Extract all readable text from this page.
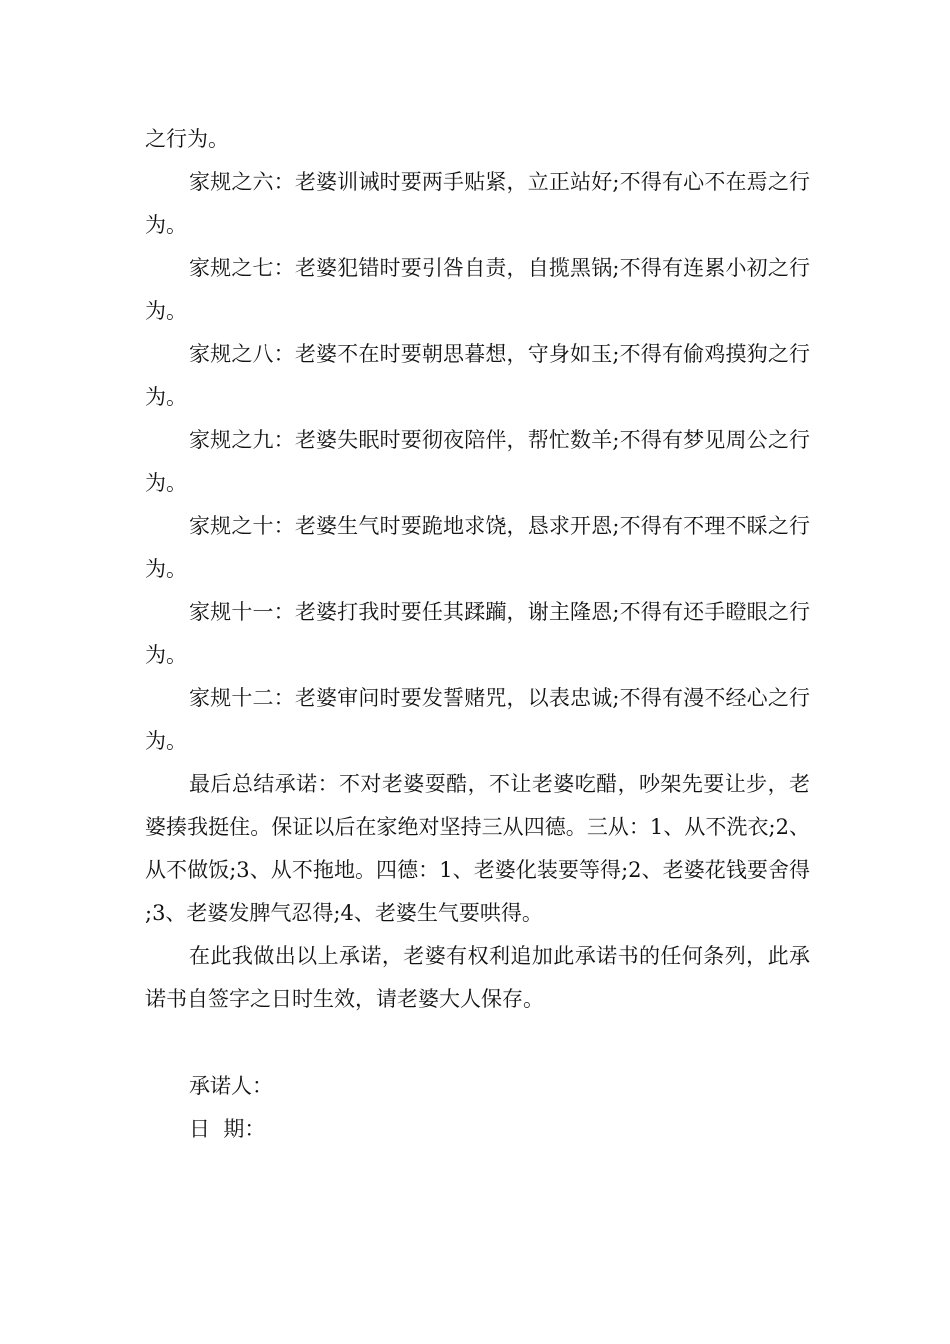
之行为。

家规之六：老婆训诫时要两手贴紧，立正站好;不得有心不在焉之行为。

家规之七：老婆犯错时要引咎自责，自揽黑锅;不得有连累小初之行为。

家规之八：老婆不在时要朝思暮想，守身如玉;不得有偷鸡摸狗之行为。

家规之九：老婆失眠时要彻夜陪伴，帮忙数羊;不得有梦见周公之行为。

家规之十：老婆生气时要跪地求饶，恳求开恩;不得有不理不睬之行为。

家规十一：老婆打我时要任其蹂躏，谢主隆恩;不得有还手瞪眼之行为。

家规十二：老婆审问时要发誓赌咒，以表忠诚;不得有漫不经心之行为。

最后总结承诺：不对老婆耍酷，不让老婆吃醋，吵架先要让步，老婆揍我挺住。保证以后在家绝对坚持三从四德。三从：1、从不洗衣;2、从不做饭;3、从不拖地。四德：1、老婆化装要等得;2、老婆花钱要舍得;3、老婆发脾气忍得;4、老婆生气要哄得。

在此我做出以上承诺，老婆有权利追加此承诺书的任何条列，此承诺书自签字之日时生效，请老婆大人保存。

承诺人：

日  期：
